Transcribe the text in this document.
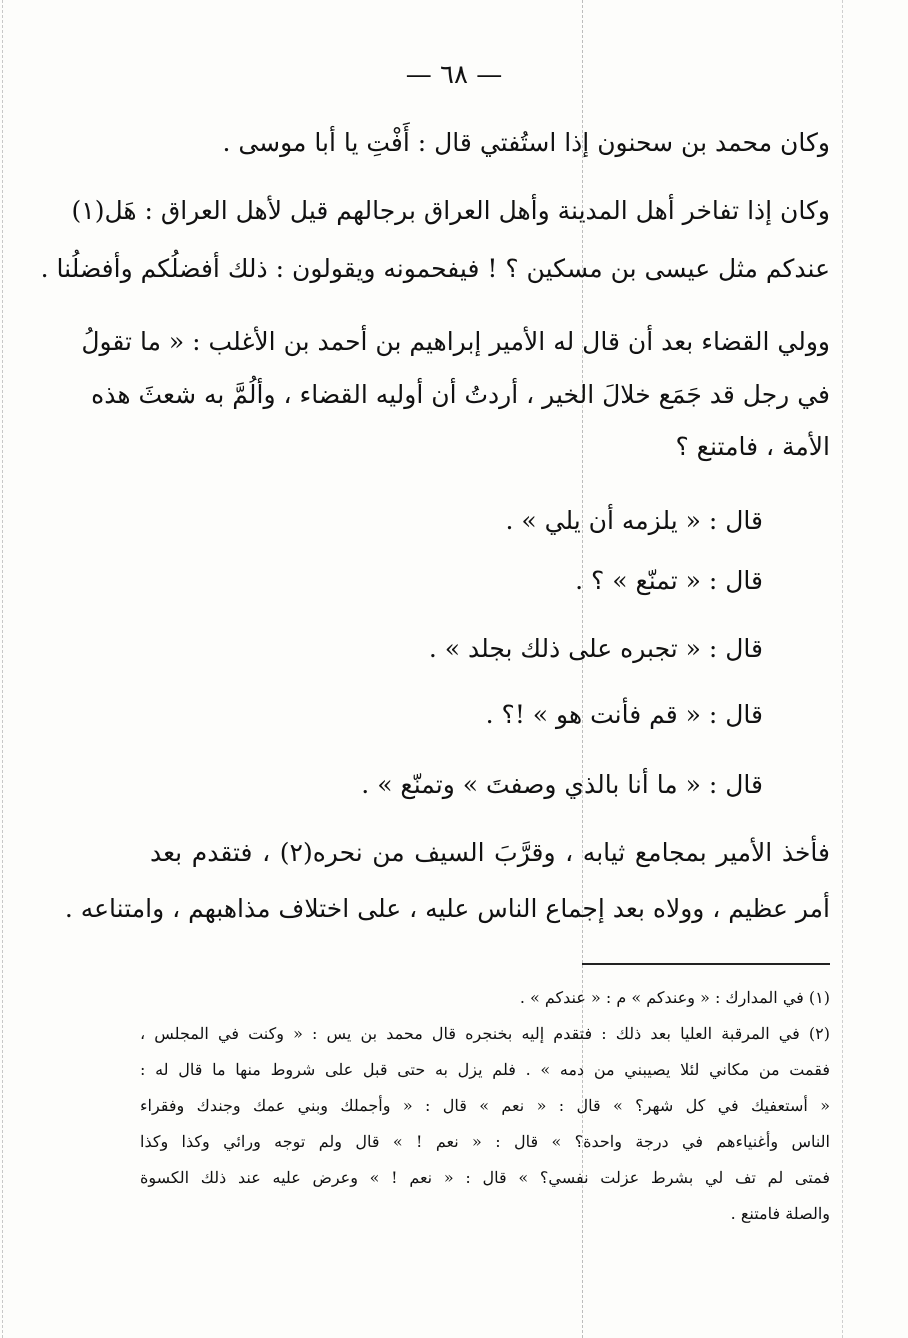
— ٦٨ —
وكان محمد بن سحنون إذا استُفتي قال : أَفْتِ يا أبا موسى .
وكان إذا تفاخر أهل المدينة وأهل العراق برجالهم قيل لأهل العراق : هَل(١)
عندكم مثل عيسى بن مسكين ؟ ! فيفحمونه ويقولون : ذلك أفضلُكم وأفضلُنا .
وولي القضاء بعد أن قال له الأمير إبراهيم بن أحمد بن الأغلب : « ما تقولُ
في رجل قد جَمَع خلالَ الخير ، أردتُ أن أوليه القضاء ، وألُمَّ به شعثَ هذه
الأمة ، فامتنع ؟
قال : « يلزمه أن يلي » .
قال : « تمنّع » ؟ .
قال : « تجبره على ذلك بجلد » .
قال : « قم فأنت هو » !؟ .
قال : « ما أنا بالذي وصفتَ » وتمنّع » .
فأخذ الأمير بمجامع ثيابه ، وقرَّبَ السيف من نحره(٢) ، فتقدم بعد
أمر عظيم ، وولاه بعد إجماع الناس عليه ، على اختلاف مذاهبهم ، وامتناعه .
(١) في المدارك : « وعندكم » م : « عندكم » .
(٢) في المرقبة العليا بعد ذلك : فتقدم إليه بخنجره قال محمد بن يس : « وكنت في المجلس ،
فقمت من مكاني لئلا يصيبني من دمه » . فلم يزل به حتى قبل على شروط منها ما قال له :
« أستعفيك في كل شهر؟ » قال : « نعم » قال : « وأجملك وبني عمك وجندك وفقراء
الناس وأغنياءهم في درجة واحدة؟ » قال : « نعم ! » قال ولم توجه ورائي وكذا وكذا
فمتى لم تف لي بشرط عزلت نفسي؟ » قال : « نعم ! » وعرض عليه عند ذلك الكسوة
والصلة فامتنع .
